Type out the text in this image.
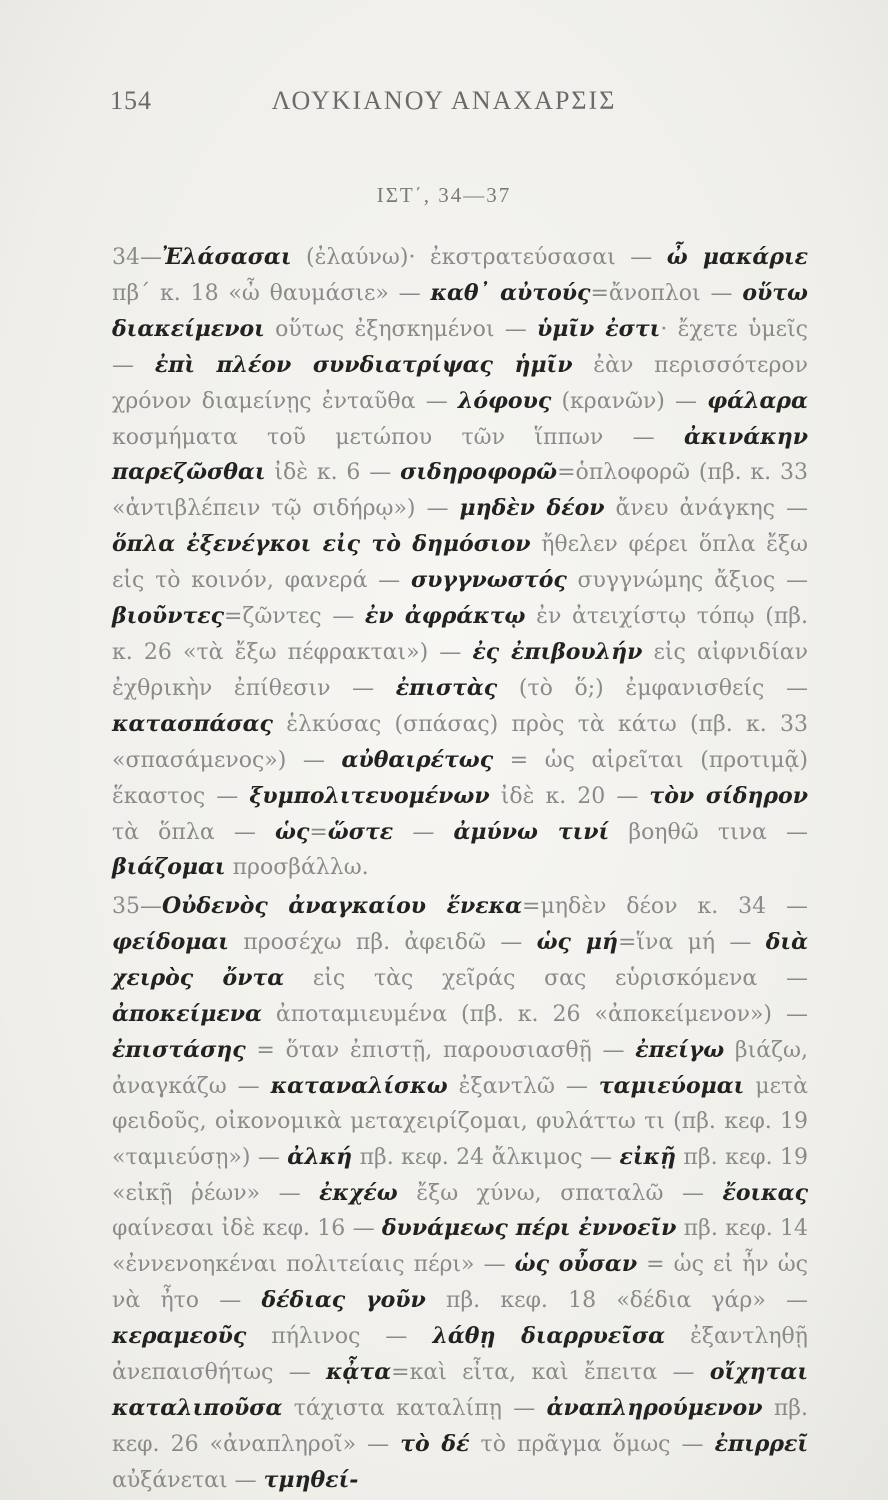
154	ΛΟΥΚΙΑΝΟΥ ΑΝΑΧΑΡΣΙΣ
ΙΣΤ΄, 34—37

34—Ἐλάσασαι (ἐλαύνω)· ἐκστρατεύσασαι — ὦ μακάριε πβ΄ κ. 18 «ὦ θαυμάσιε» — καθ᾽ αὐτούς=ἄνοπλοι — οὕτω διακείμενοι οὕτως ἐξησκημένοι — ὑμῖν ἐστι· ἔχετε ὑμεῖς — ἐπὶ πλέον συνδιατρίψας ἡμῖν ἐὰν περισσότερον χρόνον διαμείνῃς ἐνταῦθα — λόφους (κρανῶν) — φάλαρα κοσμήματα τοῦ μετώπου τῶν ἵππων — ἀκινάκην παρεζῶσθαι ἰδὲ κ. 6 — σιδηροφορῶ=ὁπλοφορῶ (πβ. κ. 33 «ἀντιβλέπειν τῷ σιδήρῳ») — μηδὲν δέον ἄνευ ἀνάγκης — ὅπλα ἐξενέγκοι εἰς τὸ δημόσιον ἤθελεν φέρει ὅπλα ἔξω εἰς τὸ κοινόν, φανερά — συγγνωστός συγγνώμης ἄξιος — βιοῦντες=ζῶντες — ἐν ἀφράκτῳ ἐν ἀτειχίστῳ τόπῳ (πβ. κ. 26 «τὰ ἔξω πέφρακται») — ἐς ἐπιβουλήν εἰς αἰφνιδίαν ἐχθρικὴν ἐπίθεσιν — ἐπιστὰς (τὸ ὅ;) ἐμφανισθείς — κατασπάσας ἑλκύσας (σπάσας) πρὸς τὰ κάτω (πβ. κ. 33 «σπασάμενος») — αὐθαιρέτως = ὡς αἱρεῖται (προτιμᾷ) ἕκαστος — ξυμπολιτευομένων ἰδὲ κ. 20 — τὸν σίδηρον τὰ ὅπλα — ὡς=ὥστε — ἀμύνω τινί βοηθῶ τινα — βιάζομαι προσβάλλω.

35—Οὐδενὸς ἀναγκαίου ἕνεκα=μηδὲν δέον κ. 34 — φείδομαι προσέχω πβ. ἀφειδῶ — ὡς μή=ἵνα μή — διὰ χειρὸς ὄντα εἰς τὰς χεῖράς σας εὑρισκόμενα — ἀποκείμενα ἀποταμιευμένα (πβ. κ. 26 «ἀποκείμενον») — ἐπιστάσης = ὅταν ἐπιστῇ, παρουσιασθῇ — ἐπείγω βιάζω, ἀναγκάζω — καταναλίσκω ἐξαντλῶ — ταμιεύομαι μετὰ φειδοῦς, οἰκονομικὰ μεταχειρίζομαι, φυλάττω τι (πβ. κεφ. 19 «ταμιεύσῃ») — ἀλκή πβ. κεφ. 24 ἄλκιμος — εἰκῇ πβ. κεφ. 19 «εἰκῇ ῥέων» — ἐκχέω ἔξω χύνω, σπαταλῶ — ἔοικας φαίνεσαι ἰδὲ κεφ. 16 — δυνάμεως πέρι ἐννοεῖν πβ. κεφ. 14 «ἐννενοηκέναι πολιτείαις πέρι» — ὡς οὖσαν = ὡς εἰ ἦν ὡς νὰ ἦτο — δέδιας γοῦν πβ. κεφ. 18 «δέδια γάρ» — κεραμεοῦς πήλινος — λάθῃ διαρρυεῖσα ἐξαντληθῇ ἀνεπαισθήτως — κᾆτα=καὶ εἶτα, καὶ ἔπειτα — οἴχηται καταλιποῦσα τάχιστα καταλίπῃ — ἀναπληρούμενον πβ. κεφ. 26 «ἀναπληροῖ» — τὸ δέ τὸ πρᾶγμα ὅμως — ἐπιρρεῖ αὐξάνεται — τμηθεί-
